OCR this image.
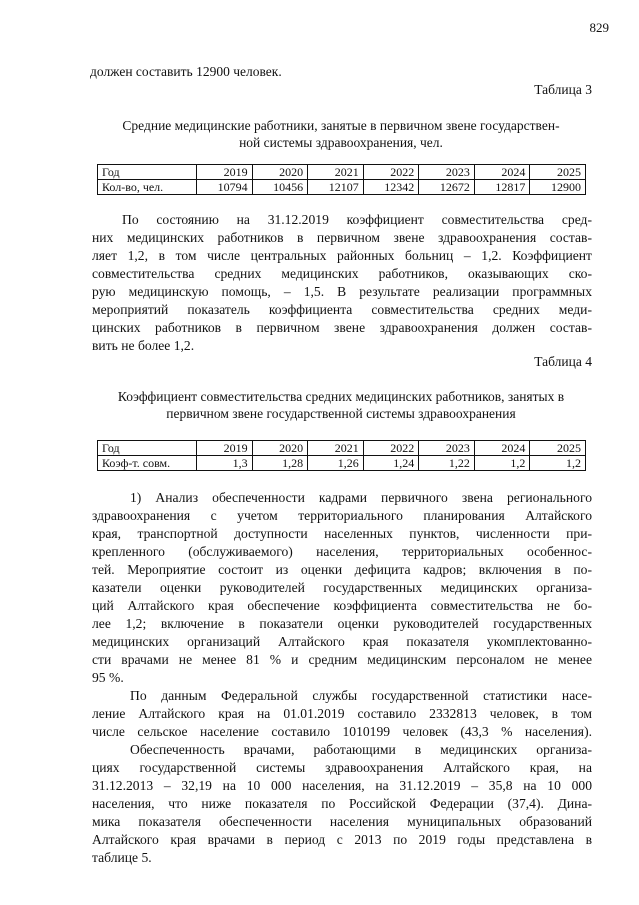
829
должен составить 12900 человек.
Таблица 3
Средние медицинские работники, занятые в первичном звене государствен-
ной системы здравоохранения, чел.
Год	2019	2020	2021	2022	2023	2024	2025
Кол-во, чел.	10794	10456	12107	12342	12672	12817	12900

По состоянию на 31.12.2019 коэффициент совместительства сред-

них медицинских работников в первичном звене здравоохранения состав-

ляет 1,2, в том числе центральных районных больниц – 1,2. Коэффициент

совместительства средних медицинских работников, оказывающих ско-

рую медицинскую помощь, – 1,5. В результате реализации программных

мероприятий показатель коэффициента совместительства средних меди-

цинских работников в первичном звене здравоохранения должен состав-

вить не более 1,2.

Таблица 4
Коэффициент совместительства средних медицинских работников, занятых в
первичном звене государственной системы здравоохранения
Год	2019	2020	2021	2022	2023	2024	2025
Коэф-т. совм.	1,3	1,28	1,26	1,24	1,22	1,2	1,2

1) Анализ обеспеченности кадрами первичного звена регионального

здравоохранения с учетом территориального планирования Алтайского

края, транспортной доступности населенных пунктов, численности при-

крепленного (обслуживаемого) населения, территориальных особеннос-

тей. Мероприятие состоит из оценки дефицита кадров; включения в по-

казатели оценки руководителей государственных медицинских организа-

ций Алтайского края обеспечение коэффициента совместительства не бо-

лее 1,2; включение в показатели оценки руководителей государственных

медицинских организаций Алтайского края показателя укомплектованно-

сти врачами не менее 81 % и средним медицинским персоналом не менее

95 %.

По данным Федеральной службы государственной статистики насе-

ление Алтайского края на 01.01.2019 составило 2332813 человек, в том

числе сельское население составило 1010199 человек (43,3 % населения).

Обеспеченность врачами, работающими в медицинских организа-

циях государственной системы здравоохранения Алтайского края, на

31.12.2013 – 32,19 на 10 000 населения, на 31.12.2019 – 35,8 на 10 000

населения, что ниже показателя по Российской Федерации (37,4). Дина-

мика показателя обеспеченности населения муниципальных образований

Алтайского края врачами в период с 2013 по 2019 годы представлена в

таблице 5.
